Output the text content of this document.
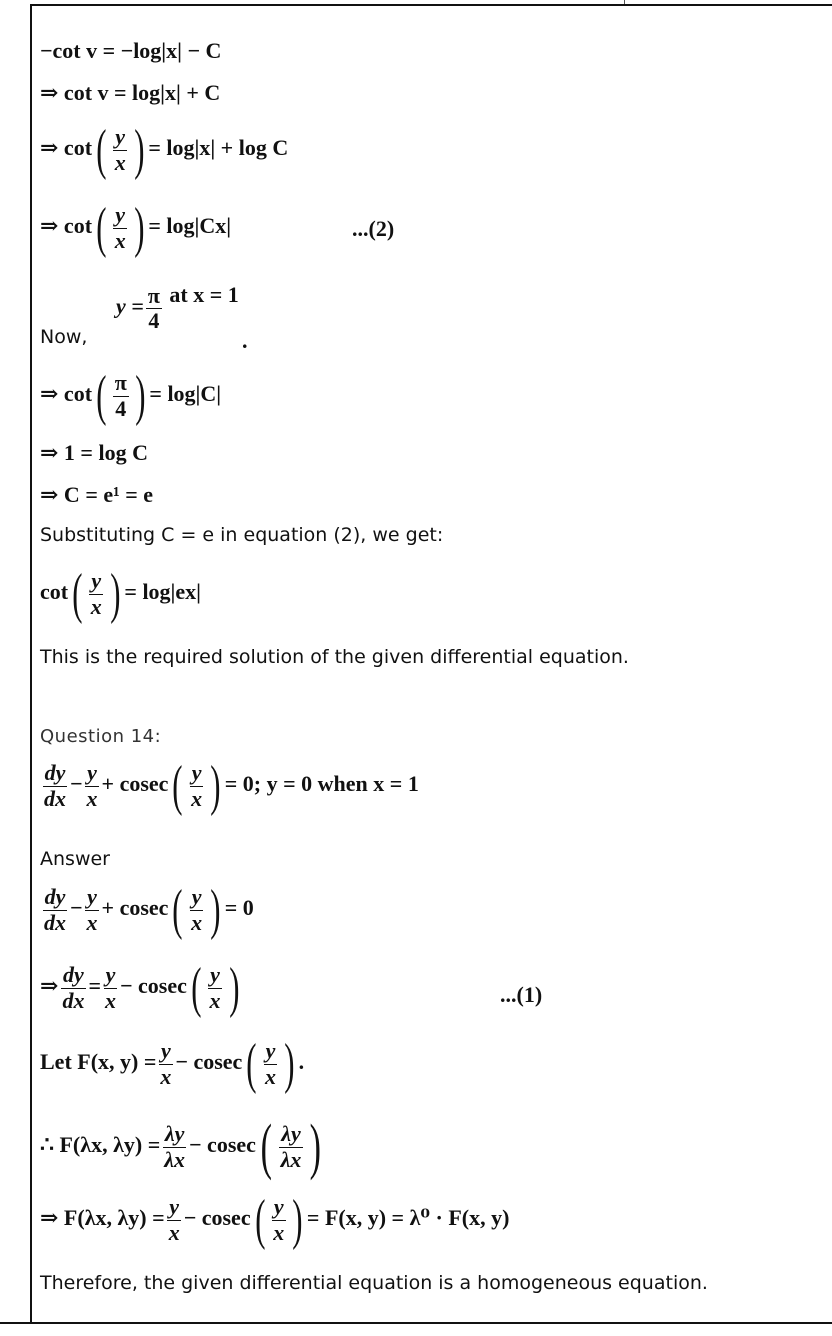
−cot v = −log|x| − C
⇒ cot v = log|x| + C
⇒ cot ( $\frac{y}{x}$ ) = log|x| + log C
⇒ cot ( $\frac{y}{x}$ ) = log|Cx|	...(2)
$y = \frac{\pi}{4}$ at x = 1
Now,	.
⇒ cot ( $\frac{\pi}{4}$ ) = log|C|
⇒ 1 = log C
⇒ C = e¹ = e
Substituting C = e in equation (2), we get:
cot ( $\frac{y}{x}$ ) = log|ex|
This is the required solution of the given differential equation.
Question 14:
$\frac{dy}{dx} - \frac{y}{x} + cosec$ ( $\frac{y}{x}$ ) = 0; y = 0 when x = 1
Answer
$\frac{dy}{dx} - \frac{y}{x} + cosec$ ( $\frac{y}{x}$ ) = 0
⇒ $\frac{dy}{dx} = \frac{y}{x} - cosec$ ( $\frac{y}{x}$ )	...(1)
Let F(x, $y) = \frac{y}{x} - cosec$ ( $\frac{y}{x}$ ) .
∴ F(λx, $\lambda y) = \frac{\lambda y}{\lambda x} - cosec$ ( $\frac{\lambda y}{\lambda x}$ )
⇒ F(λx, $\lambda y) = \frac{y}{x} - cosec$ ( $\frac{y}{x}$ ) = F(x, y) = λ⁰ · F(x, y)
Therefore, the given differential equation is a homogeneous equation.
